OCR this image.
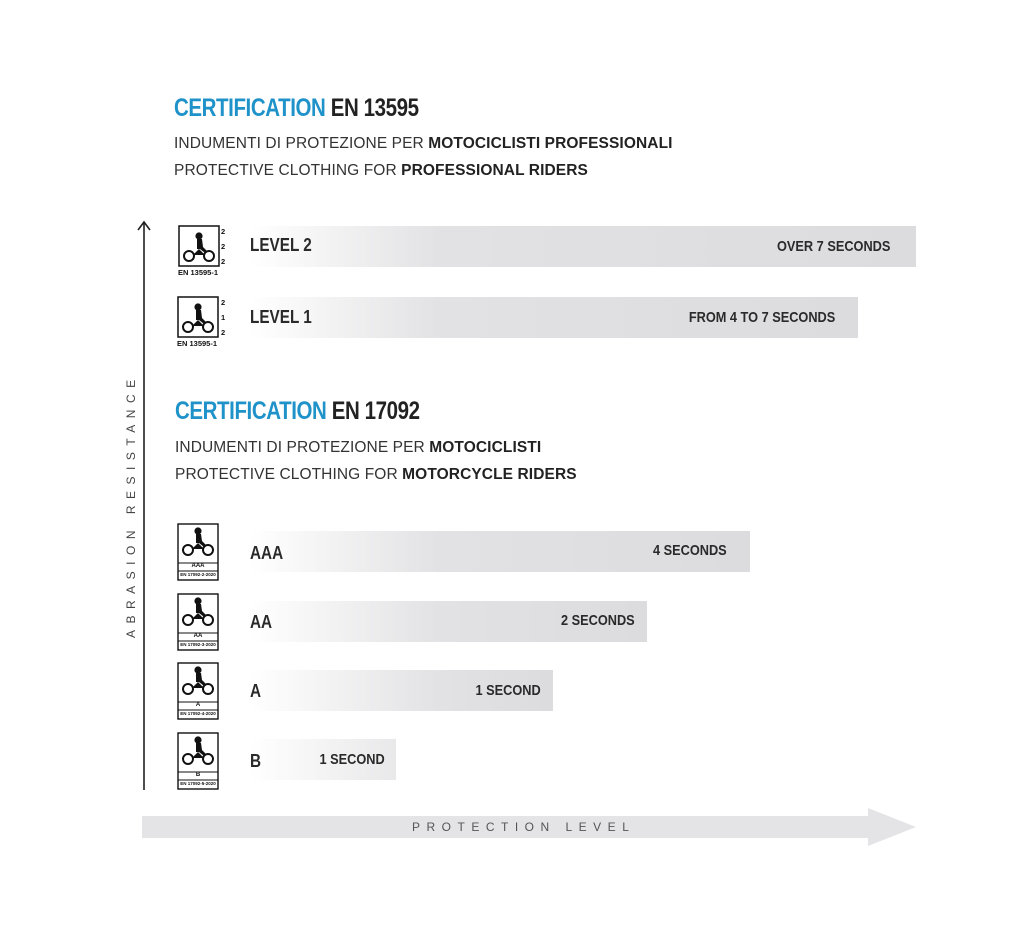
CERTIFICATION EN 13595
INDUMENTI DI PROTEZIONE PER MOTOCICLISTI PROFESSIONALI
PROTECTIVE CLOTHING FOR PROFESSIONAL RIDERS
CERTIFICATION EN 17092
INDUMENTI DI PROTEZIONE PER MOTOCICLISTI
PROTECTIVE CLOTHING FOR MOTORCYCLE RIDERS
LEVEL 2	OVER 7 SECONDS
LEVEL 1	FROM 4 TO 7 SECONDS
AAA	4 SECONDS
AA	2 SECONDS
A	1 SECOND
B	1 SECOND
2
2
2
EN 13595-1
2
1
2
EN 13595-1
AAA
EN 17092-2-2020
AA
EN 17092-3-2020
A
EN 17092-4-2020
B
EN 17092-5-2020
ABRASION RESISTANCE
PROTECTION LEVEL
